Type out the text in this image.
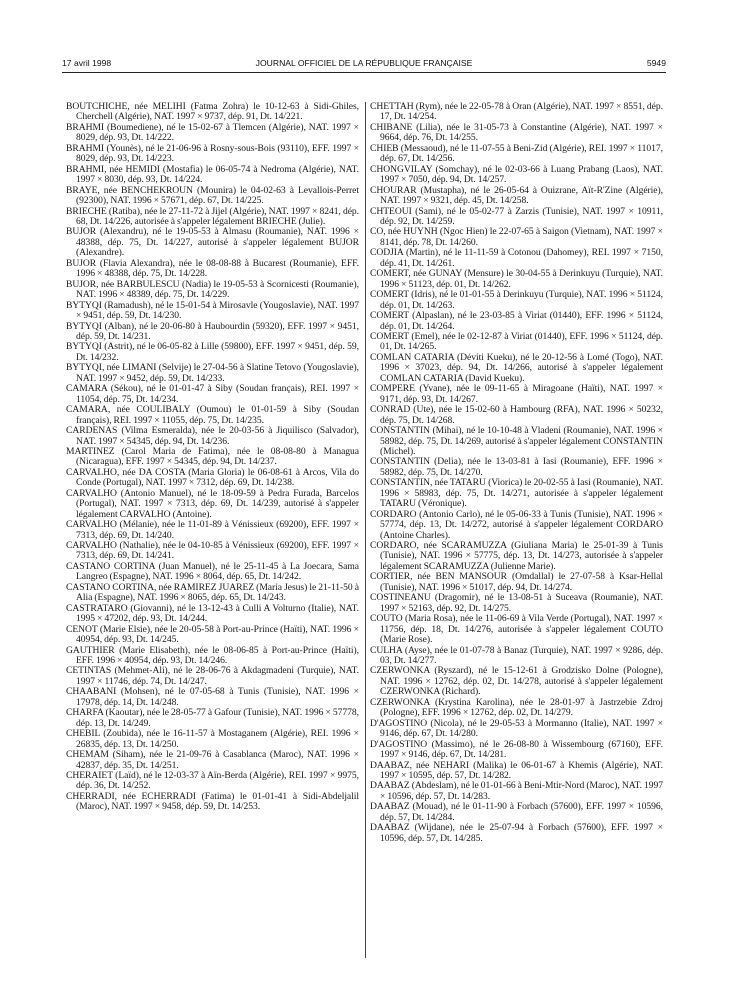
17 avril 1998	JOURNAL OFFICIEL DE LA RÉPUBLIQUE FRANÇAISE	5949
BOUTCHICHE, née MELIHI (Fatma Zohra) le 10-12-63 à Sidi-Ghiles, Cherchell (Algérie), NAT. 1997 × 9737, dép. 91, Dt. 14/221.
BRAHMI (Boumediene), né le 15-02-67 à Tlemcen (Algérie), NAT. 1997 × 8029, dép. 93, Dt. 14/222.
BRAHMI (Younès), né le 21-06-96 à Rosny-sous-Bois (93110), EFF. 1997 × 8029, dép. 93, Dt. 14/223.
BRAHMI, née HEMIDI (Mostafia) le 06-05-74 à Nedroma (Algérie), NAT. 1997 × 8030, dép. 93, Dt. 14/224.
BRAYE, née BENCHEKROUN (Mounira) le 04-02-63 à Levallois-Perret (92300), NAT. 1996 × 57671, dép. 67, Dt. 14/225.
BRIECHE (Ratiba), née le 27-11-72 à Jijel (Algérie), NAT. 1997 × 8241, dép. 68, Dt. 14/226, autorisée à s'appeler légalement BRIECHE (Julie).
BUJOR (Alexandru), né le 19-05-53 à Almasu (Roumanie), NAT. 1996 × 48388, dép. 75, Dt. 14/227, autorisé à s'appeler légalement BUJOR (Alexandre).
BUJOR (Flavia Alexandra), née le 08-08-88 à Bucarest (Roumanie), EFF. 1996 × 48388, dép. 75, Dt. 14/228.
BUJOR, née BARBULESCU (Nadia) le 19-05-53 à Scornicesti (Roumanie), NAT. 1996 × 48389, dép. 75, Dt. 14/229.
BYTYQI (Ramadush), né le 15-01-54 à Mirosavle (Yougoslavie), NAT. 1997 × 9451, dép. 59, Dt. 14/230.
BYTYQI (Alban), né le 20-06-80 à Haubourdin (59320), EFF. 1997 × 9451, dép. 59, Dt. 14/231.
BYTYQI (Astrit), né le 06-05-82 à Lille (59800), EFF. 1997 × 9451, dép. 59, Dt. 14/232.
BYTYQI, née LIMANI (Selvije) le 27-04-56 à Slatine Tetovo (Yougoslavie), NAT. 1997 × 9452, dép. 59, Dt. 14/233.
CAMARA (Sékou), né le 01-01-47 à Siby (Soudan français), REI. 1997 × 11054, dép. 75, Dt. 14/234.
CAMARA, née COULIBALY (Oumou) le 01-01-59 à Siby (Soudan français), REI. 1997 × 11055, dép. 75, Dt. 14/235.
CARDENAS (Vilma Esmeralda), née le 20-03-56 à Jiquilisco (Salvador), NAT. 1997 × 54345, dép. 94, Dt. 14/236.
MARTINEZ (Carol Maria de Fatima), née le 08-08-80 à Managua (Nicaragua), EFF. 1997 × 54345, dép. 94, Dt. 14/237.
CARVALHO, née DA COSTA (Maria Gloria) le 06-08-61 à Arcos, Vila do Conde (Portugal), NAT. 1997 × 7312, dép. 69, Dt. 14/238.
CARVALHO (Antonio Manuel), né le 18-09-59 à Pedra Furada, Barcelos (Portugal), NAT. 1997 × 7313, dép. 69, Dt. 14/239, autorisé à s'appeler légalement CARVALHO (Antoine).
CARVALHO (Mélanie), née le 11-01-89 à Vénissieux (69200), EFF. 1997 × 7313, dép. 69, Dt. 14/240.
CARVALHO (Nathalie), née le 04-10-85 à Vénissieux (69200), EFF. 1997 × 7313, dép. 69, Dt. 14/241.
CASTANO CORTINA (Juan Manuel), né le 25-11-45 à La Joecara, Sama Langreo (Espagne), NAT. 1996 × 8064, dép. 65, Dt. 14/242.
CASTANO CORTINA, née RAMIREZ JUAREZ (Maria Jesus) le 21-11-50 à Alia (Espagne), NAT. 1996 × 8065, dép. 65, Dt. 14/243.
CASTRATARO (Giovanni), né le 13-12-43 à Culli A Volturno (Italie), NAT. 1995 × 47202, dép. 93, Dt. 14/244.
CENOT (Marie Elsie), née le 20-05-58 à Port-au-Prince (Haïti), NAT. 1996 × 40954, dép. 93, Dt. 14/245.
GAUTHIER (Marie Elisabeth), née le 08-06-85 à Port-au-Prince (Haïti), EFF. 1996 × 40954, dép. 93, Dt. 14/246.
CETINTAS (Mehmet-Ali), né le 28-06-76 à Akdagmadeni (Turquie), NAT. 1997 × 11746, dép. 74, Dt. 14/247.
CHAABANI (Mohsen), né le 07-05-68 à Tunis (Tunisie), NAT. 1996 × 17978, dép. 14, Dt. 14/248.
CHARFA (Kaoutar), née le 28-05-77 à Gafour (Tunisie), NAT. 1996 × 57778, dép. 13, Dt. 14/249.
CHEBIL (Zoubida), née le 16-11-57 à Mostaganem (Algérie), REI. 1996 × 26835, dép. 13, Dt. 14/250.
CHEMAM (Siham), née le 21-09-76 à Casablanca (Maroc), NAT. 1996 × 42837, dép. 35, Dt. 14/251.
CHERAIET (Laïd), né le 12-03-37 à Aïn-Berda (Algérie), REI. 1997 × 9975, dép. 36, Dt. 14/252.
CHERRADI, née ECHERRADI (Fatima) le 01-01-41 à Sidi-Abdeljalil (Maroc), NAT. 1997 × 9458, dép. 59, Dt. 14/253.
CHETTAH (Rym), née le 22-05-78 à Oran (Algérie), NAT. 1997 × 8551, dép. 17, Dt. 14/254.
CHIBANE (Lilia), née le 31-05-73 à Constantine (Algérie), NAT. 1997 × 9664, dép. 76, Dt. 14/255.
CHIEB (Messaoud), né le 11-07-55 à Beni-Zid (Algérie), REI. 1997 × 11017, dép. 67, Dt. 14/256.
CHONGVILAY (Somchay), né le 02-03-66 à Luang Prabang (Laos), NAT. 1997 × 7050, dép. 94, Dt. 14/257.
CHOURAR (Mustapha), né le 26-05-64 à Ouizrane, Aït-R'Zine (Algérie), NAT. 1997 × 9321, dép. 45, Dt. 14/258.
CHTEOUI (Sami), né le 05-02-77 à Zarzis (Tunisie), NAT. 1997 × 10911, dép. 92, Dt. 14/259.
CO, née HUYNH (Ngoc Hien) le 22-07-65 à Saigon (Vietnam), NAT. 1997 × 8141, dép. 78, Dt. 14/260.
CODJIA (Martin), né le 11-11-59 à Cotonou (Dahomey), REI. 1997 × 7150, dép. 41, Dt. 14/261.
COMERT, née GUNAY (Mensure) le 30-04-55 à Derinkuyu (Turquie), NAT. 1996 × 51123, dép. 01, Dt. 14/262.
COMERT (Idris), né le 01-01-55 à Derinkuyu (Turquie), NAT. 1996 × 51124, dép. 01, Dt. 14/263.
COMERT (Alpaslan), né le 23-03-85 à Viriat (01440), EFF. 1996 × 51124, dép. 01, Dt. 14/264.
COMERT (Emel), née le 02-12-87 à Viriat (01440), EFF. 1996 × 51124, dép. 01, Dt. 14/265.
COMLAN CATARIA (Déviti Kueku), né le 20-12-56 à Lomé (Togo), NAT. 1996 × 37023, dép. 94, Dt. 14/266, autorisé à s'appeler légalement COMLAN CATARIA (David Kueku).
COMPERE (Yvane), née le 09-11-65 à Miragoane (Haïti), NAT. 1997 × 9171, dép. 93, Dt. 14/267.
CONRAD (Ute), née le 15-02-60 à Hambourg (RFA), NAT. 1996 × 50232, dép. 75, Dt. 14/268.
CONSTANTIN (Mihai), né le 10-10-48 à Vladeni (Roumanie), NAT. 1996 × 58982, dép. 75, Dt. 14/269, autorisé à s'appeler légalement CONSTANTIN (Michel).
CONSTANTIN (Delia), née le 13-03-81 à Iasi (Roumanie), EFF. 1996 × 58982, dép. 75, Dt. 14/270.
CONSTANTIN, née TATARU (Viorica) le 20-02-55 à Iasi (Roumanie), NAT. 1996 × 58983, dép. 75, Dt. 14/271, autorisée à s'appeler légalement TATARU (Véronique).
CORDARO (Antonio Carlo), né le 05-06-33 à Tunis (Tunisie), NAT. 1996 × 57774, dép. 13, Dt. 14/272, autorisé à s'appeler légalement CORDARO (Antoine Charles).
CORDARO, née SCARAMUZZA (Giuliana Maria) le 25-01-39 à Tunis (Tunisie), NAT. 1996 × 57775, dép. 13, Dt. 14/273, autorisée à s'appeler légalement SCARAMUZZA (Julienne Marie).
CORTIER, née BEN MANSOUR (Omdallal) le 27-07-58 à Ksar-Hellal (Tunisie), NAT. 1996 × 51017, dép. 94, Dt. 14/274.
COSTINEANU (Dragomir), né le 13-08-51 à Suceava (Roumanie), NAT. 1997 × 52163, dép. 92, Dt. 14/275.
COUTO (Maria Rosa), née le 11-06-69 à Vila Verde (Portugal), NAT. 1997 × 11756, dép. 18, Dt. 14/276, autorisée à s'appeler légalement COUTO (Marie Rose).
CULHA (Ayse), née le 01-07-78 à Banaz (Turquie), NAT. 1997 × 9286, dép. 03, Dt. 14/277.
CZERWONKA (Ryszard), né le 15-12-61 à Grodzisko Dolne (Pologne), NAT. 1996 × 12762, dép. 02, Dt. 14/278, autorisé à s'appeler légalement CZERWONKA (Richard).
CZERWONKA (Krystina Karolina), née le 28-01-97 à Jastrzebie Zdroj (Pologne), EFF. 1996 × 12762, dép. 02, Dt. 14/279.
D'AGOSTINO (Nicola), né le 29-05-53 à Mormanno (Italie), NAT. 1997 × 9146, dép. 67, Dt. 14/280.
D'AGOSTINO (Massimo), né le 26-08-80 à Wissembourg (67160), EFF. 1997 × 9146, dép. 67, Dt. 14/281.
DAABAZ, née NEHARI (Malika) le 06-01-67 à Khemis (Algérie), NAT. 1997 × 10595, dép. 57, Dt. 14/282.
DAABAZ (Abdeslam), né le 01-01-66 à Beni-Mtir-Nord (Maroc), NAT. 1997 × 10596, dép. 57, Dt. 14/283.
DAABAZ (Mouad), né le 01-11-90 à Forbach (57600), EFF. 1997 × 10596, dép. 57, Dt. 14/284.
DAABAZ (Wijdane), née le 25-07-94 à Forbach (57600), EFF. 1997 × 10596, dép. 57, Dt. 14/285.
